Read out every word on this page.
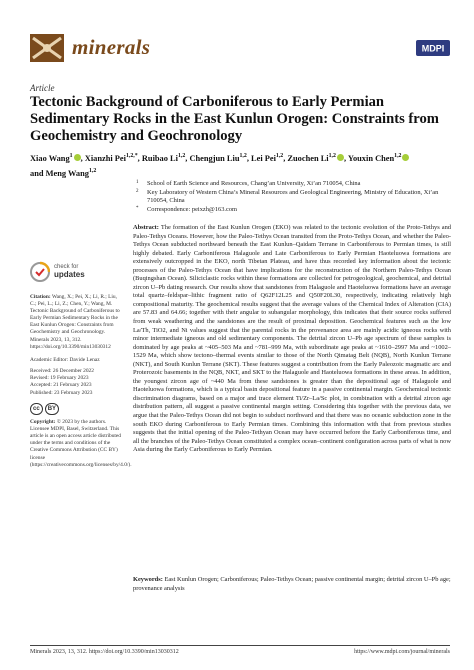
minerals	MDPI
Article
Tectonic Background of Carboniferous to Early Permian Sedimentary Rocks in the East Kunlun Orogen: Constraints from Geochemistry and Geochronology
Xiao Wang$^1$ , Xianzhi Pei$^{1,2,*}$, Ruibao Li$^{1,2}$, Chengjun Liu$^{1,2}$, Lei Pei$^{1,2}$, Zuochen Li$^{1,2}$ , Youxin Chen$^{1,2}$
and Meng Wang$^{1,2}$
1 School of Earth Science and Resources, Chang’an University, Xi’an 710054, China
2 Key Laboratory of Western China’s Mineral Resources and Geological Engineering, Ministry of Education, Xi’an 710054, China
* Correspondence: peixzh@163.com
Abstract: The formation of the East Kunlun Orogen (EKO) was related to the tectonic evolution of the Proto-Tethys and Paleo-Tethys Oceans. However, how the Paleo-Tethys Ocean transited from the Proto-Tethys Ocean, and whether the Paleo-Tethys Ocean subducted northward beneath the East Kunlun–Qaidam Terrane in Carboniferous to Permian times, is still highly debated. Early Carboniferous Halaguole and Late Carboniferous to Early Permian Haoteluowa formations are extensively outcropped in the EKO, north Tibetan Plateau, and have thus recorded key information about the tectonic processes of the Paleo-Tethys Ocean that have implications for the reconstruction of the Northern Paleo-Tethys Ocean (Buqingshan Ocean). Siliciclastic rocks within these formations are collected for petrogeological, geochemical, and detrital zircon U–Pb dating research. Our results show that sandstones from Halaguole and Haoteluowa formations have an average total quartz–feldspar–lithic fragment ratio of Q62F12L25 and Q50F20L30, respectively, indicating relatively high compositional maturity. The geochemical results suggest that the average values of the Chemical Index of Alteration (CIA) are 57.83 and 64.66; together with their angular to subangular morphology, this indicates that their source rocks suffered from weak weathering and the sandstones are the result of proximal deposition. Geochemical features such as the low La/Th, TiO2, and Ni values suggest that the parental rocks in the provenance area are mainly acidic igneous rocks with minor intermediate igneous and old sedimentary components. The detrital zircon U–Pb age spectrum of these samples is dominated by age peaks at ~405–503 Ma and ~781–999 Ma, with subordinate age peaks at ~1610–2997 Ma and ~1002–1529 Ma, which show tectono–thermal events similar to those of the North Qimatag Belt (NQB), North Kunlun Terrane (NKT), and South Kunlun Terrane (SKT). These features suggest a contribution from the Early Paleozoic magmatic arc and Proterozoic basements in the NQB, NKT, and SKT to the Halaguole and Haoteluowa formations in these areas. In addition, the youngest zircon age of ~440 Ma from these sandstones is greater than the depositional age of Halaguole and Haoteluowa formations, which is a typical basin depositional feature in a passive continental margin. Geochemical tectonic discrimination diagrams, based on a major and trace element Ti/Zr–La/Sc plot, in combination with a detrital zircon age distribution pattern, all suggest a passive continental margin setting. Considering this together with the previous data, we argue that the Paleo-Tethys Ocean did not begin to subduct northward and that there was no oceanic subduction zone in the south EKO during Carboniferous to Early Permian times. Combining this information with that from previous studies suggests that the initial opening of the Paleo-Tethyan Ocean may have occurred before the Early Carboniferous time, and all the branches of the Paleo-Tethys Ocean constituted a complex ocean–continent configuration across parts of what is now Asia during the Early Carboniferous to Early Permian.
Keywords: East Kunlun Orogen; Carboniferous; Paleo-Tethys Ocean; passive continental margin; detrital zircon U–Pb age; provenance analysis
check for
updates
Citation: Wang, X.; Pei, X.; Li, R.; Liu, C.; Pei, L.; Li, Z.; Chen, Y.; Wang, M. Tectonic Background of Carboniferous to Early Permian Sedimentary Rocks in the East Kunlun Orogen: Constraints from Geochemistry and Geochronology. Minerals 2023, 13, 312. https://doi.org/10.3390/min13030312
Academic Editor: Davide Lenaz
Received: 26 December 2022
Revised: 19 February 2023
Accepted: 21 February 2023
Published: 23 February 2023
cc	BY
Copyright: © 2023 by the authors. Licensee MDPI, Basel, Switzerland. This article is an open access article distributed under the terms and conditions of the Creative Commons Attribution (CC BY) license (https://creativecommons.org/licenses/by/4.0/).
Minerals 2023, 13, 312. https://doi.org/10.3390/min13030312	https://www.mdpi.com/journal/minerals
